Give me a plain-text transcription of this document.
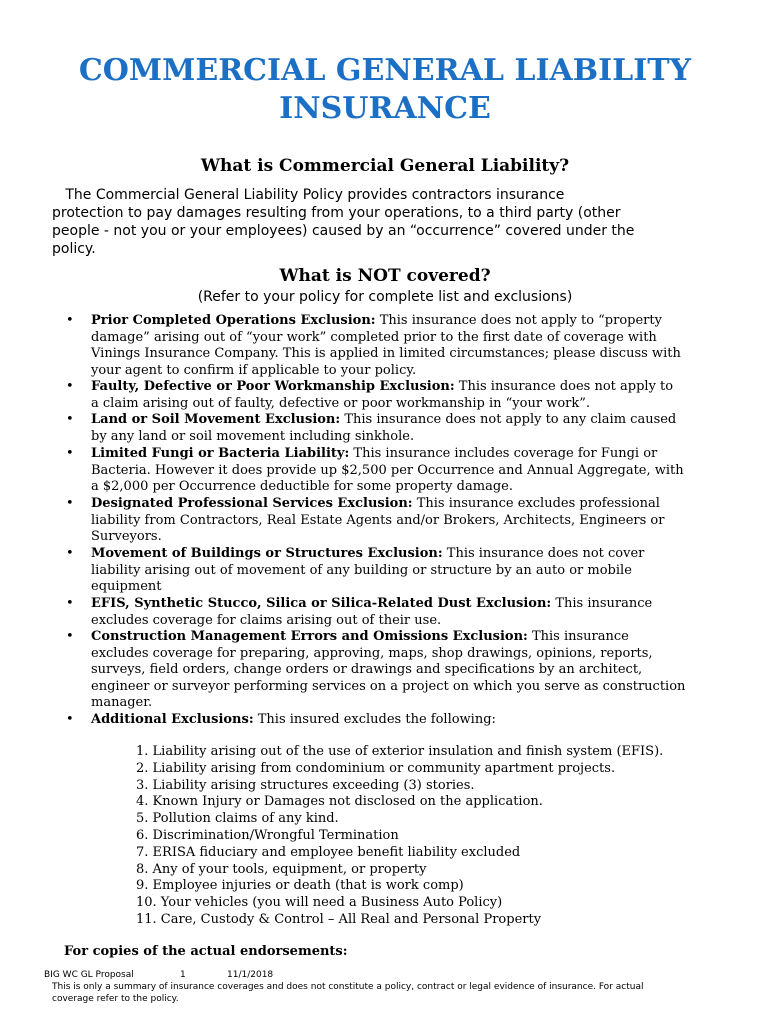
COMMERCIAL GENERAL LIABILITY
INSURANCE
What is Commercial General Liability?
The Commercial General Liability Policy provides contractors insurance
protection to pay damages resulting from your operations, to a third party (other
people - not you or your employees) caused by an “occurrence” covered under the
policy.
What is NOT covered?
(Refer to your policy for complete list and exclusions)
• Prior Completed Operations Exclusion: This insurance does not apply to “property
damage” arising out of “your work” completed prior to the first date of coverage with
Vinings Insurance Company. This is applied in limited circumstances; please discuss with
your agent to confirm if applicable to your policy.
• Faulty, Defective or Poor Workmanship Exclusion: This insurance does not apply to
a claim arising out of faulty, defective or poor workmanship in “your work”.
• Land or Soil Movement Exclusion: This insurance does not apply to any claim caused
by any land or soil movement including sinkhole.
• Limited Fungi or Bacteria Liability: This insurance includes coverage for Fungi or
Bacteria. However it does provide up $2,500 per Occurrence and Annual Aggregate, with
a $2,000 per Occurrence deductible for some property damage.
• Designated Professional Services Exclusion: This insurance excludes professional
liability from Contractors, Real Estate Agents and/or Brokers, Architects, Engineers or
Surveyors.
• Movement of Buildings or Structures Exclusion: This insurance does not cover
liability arising out of movement of any building or structure by an auto or mobile
equipment
• EFIS, Synthetic Stucco, Silica or Silica-Related Dust Exclusion: This insurance
excludes coverage for claims arising out of their use.
• Construction Management Errors and Omissions Exclusion: This insurance
excludes coverage for preparing, approving, maps, shop drawings, opinions, reports,
surveys, field orders, change orders or drawings and specifications by an architect,
engineer or surveyor performing services on a project on which you serve as construction
manager.
• Additional Exclusions: This insured excludes the following:
1. Liability arising out of the use of exterior insulation and finish system (EFIS).
2. Liability arising from condominium or community apartment projects.
3. Liability arising structures exceeding (3) stories.
4. Known Injury or Damages not disclosed on the application.
5. Pollution claims of any kind.
6. Discrimination/Wrongful Termination
7. ERISA fiduciary and employee benefit liability excluded
8. Any of your tools, equipment, or property
9. Employee injuries or death (that is work comp)
10. Your vehicles (you will need a Business Auto Policy)
11. Care, Custody & Control – All Real and Personal Property
For copies of the actual endorsements:
BIG WC GL Proposal	1	11/1/2018
This is only a summary of insurance coverages and does not constitute a policy, contract or legal evidence of insurance. For actual
coverage refer to the policy.
